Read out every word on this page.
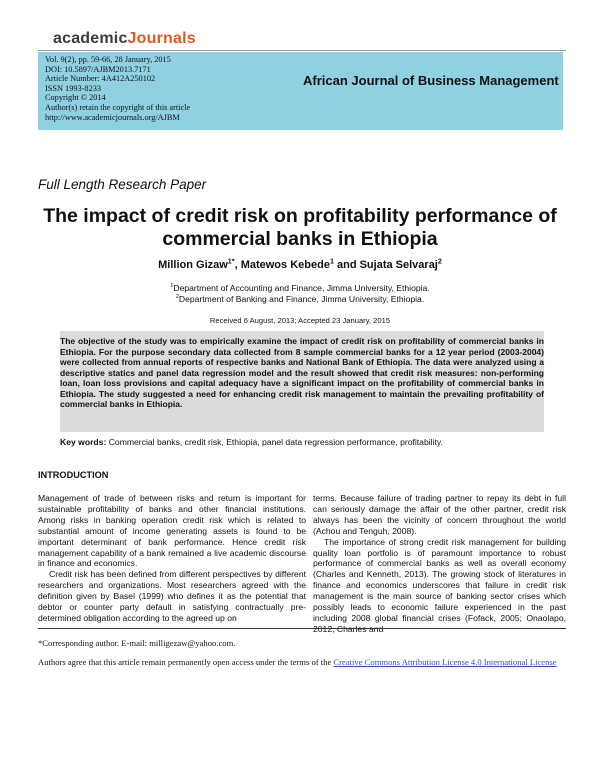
academicJournals
Vol. 9(2), pp. 59-66, 28 January, 2015
DOI: 10.5897/AJBM2013.7171
Article Number: 4A412A250102
ISSN 1993-8233
Copyright © 2014
Author(s) retain the copyright of this article
http://www.academicjournals.org/AJBM
African Journal of Business Management
Full Length Research Paper
The impact of credit risk on profitability performance of commercial banks in Ethiopia
Million Gizaw$^{1*}$, Matewos Kebede$^1$ and Sujata Selvaraj$^2$
$^1$Department of Accounting and Finance, Jimma University, Ethiopia.
$^2$Department of Banking and Finance, Jimma University, Ethiopia.
Received 6 August, 2013; Accepted 23 January, 2015
The objective of the study was to empirically examine the impact of credit risk on profitability of commercial banks in Ethiopia. For the purpose secondary data collected from 8 sample commercial banks for a 12 year period (2003-2004) were collected from annual reports of respective banks and National Bank of Ethiopia. The data were analyzed using a descriptive statics and panel data regression model and the result showed that credit risk measures: non-performing loan, loan loss provisions and capital adequacy have a significant impact on the profitability of commercial banks in Ethiopia. The study suggested a need for enhancing credit risk management to maintain the prevailing profitability of commercial banks in Ethiopia.
Key words: Commercial banks, credit risk, Ethiopia, panel data regression performance, profitability.
INTRODUCTION

Management of trade of between risks and return is important for sustainable profitability of banks and other financial institutions. Among risks in banking operation credit risk which is related to substantial amount of income generating assets is found to be important determinant of bank performance. Hence credit risk management capability of a bank remained a live academic discourse in finance and economics.

Credit risk has been defined from different perspectives by different researchers and organizations. Most researchers agreed with the definition given by Basel (1999) who defines it as the potential that debtor or counter party default in satisfying contractually pre-determined obligation according to the agreed up on

terms. Because failure of trading partner to repay its debt in full can seriously damage the affair of the other partner, credit risk always has been the vicinity of concern throughout the world (Achou and Tenguh, 2008).

The importance of strong credit risk management for building quality loan portfolio is of paramount importance to robust performance of commercial banks as well as overall economy (Charles and Kenneth, 2013). The growing stock of literatures in finance and economics underscores that failure in credit risk management is the main source of banking sector crises which possibly leads to economic failure experienced in the past including 2008 global financial crises (Fofack, 2005; Onaolapo,

*Corresponding author. E-mail: milligezaw@yahoo.com.
Authors agree that this article remain permanently open access under the terms of the Creative Commons Attribution License 4.0 International License
